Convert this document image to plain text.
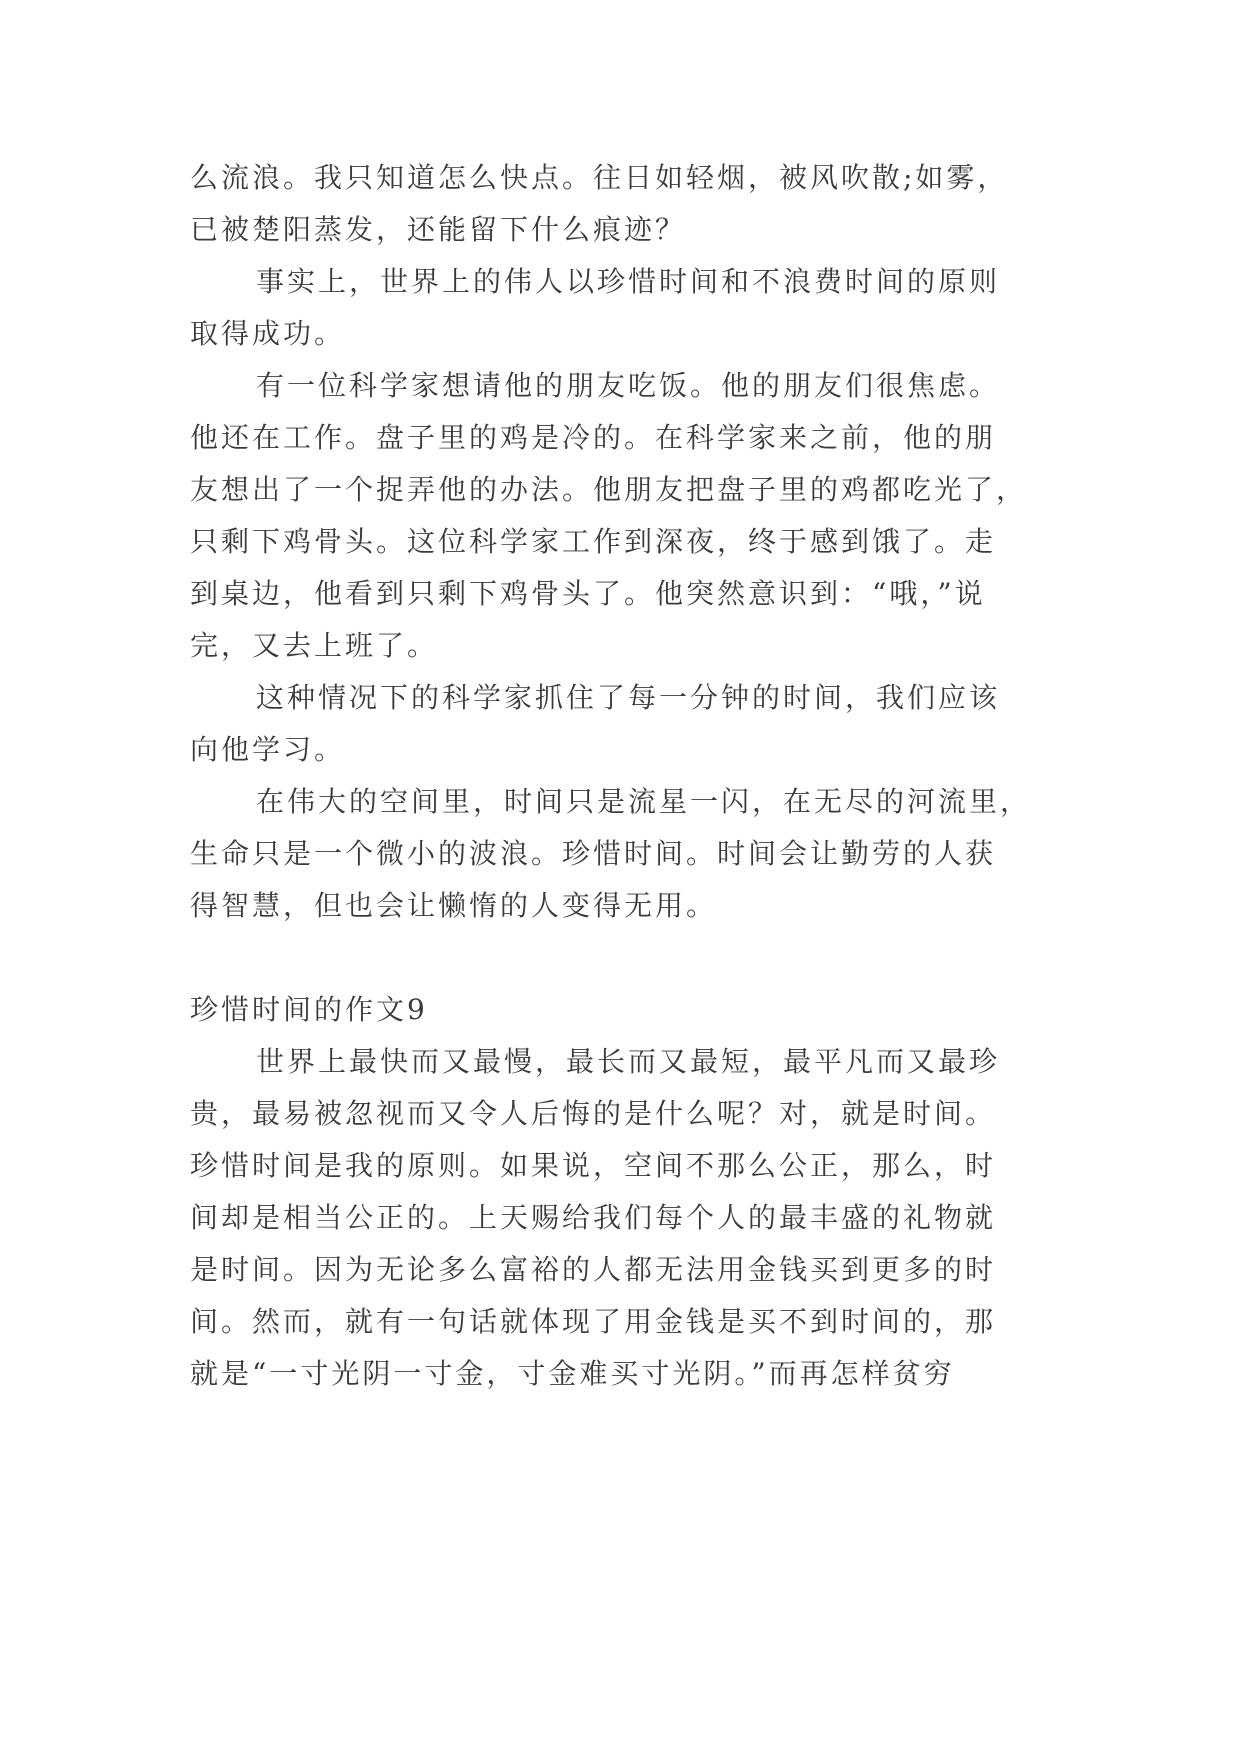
么流浪。我只知道怎么快点。往日如轻烟，被风吹散;如雾，
已被楚阳蒸发，还能留下什么痕迹？
事实上，世界上的伟人以珍惜时间和不浪费时间的原则
取得成功。
有一位科学家想请他的朋友吃饭。他的朋友们很焦虑。
他还在工作。盘子里的鸡是冷的。在科学家来之前，他的朋
友想出了一个捉弄他的办法。他朋友把盘子里的鸡都吃光了，
只剩下鸡骨头。这位科学家工作到深夜，终于感到饿了。走
到桌边，他看到只剩下鸡骨头了。他突然意识到：“哦，”说
完，又去上班了。
这种情况下的科学家抓住了每一分钟的时间，我们应该
向他学习。
在伟大的空间里，时间只是流星一闪，在无尽的河流里，
生命只是一个微小的波浪。珍惜时间。时间会让勤劳的人获
得智慧，但也会让懒惰的人变得无用。
珍惜时间的作文9
世界上最快而又最慢，最长而又最短，最平凡而又最珍
贵，最易被忽视而又令人后悔的是什么呢？对，就是时间。
珍惜时间是我的原则。如果说，空间不那么公正，那么，时
间却是相当公正的。上天赐给我们每个人的最丰盛的礼物就
是时间。因为无论多么富裕的人都无法用金钱买到更多的时
间。然而，就有一句话就体现了用金钱是买不到时间的，那
就是“一寸光阴一寸金，寸金难买寸光阴。”而再怎样贫穷
